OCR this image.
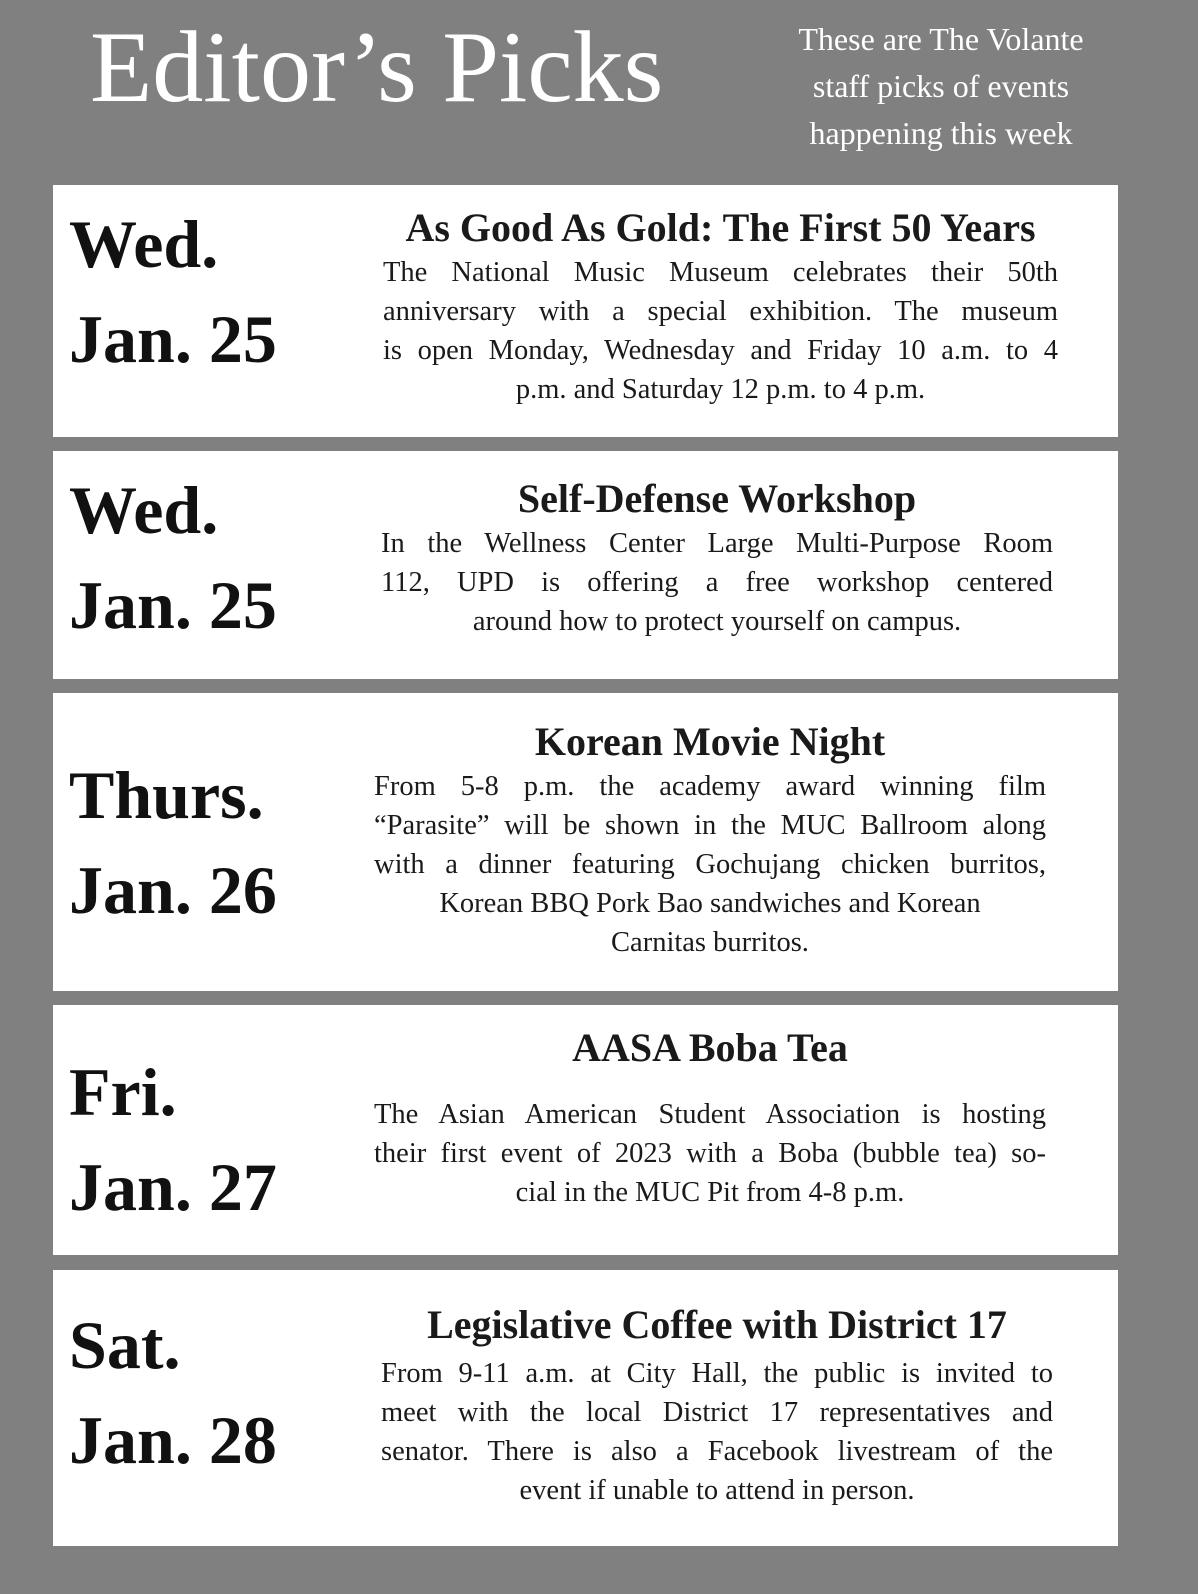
Editor’s Picks	These are The Volante
staff picks of events
happening this week
Wed.
Jan. 25

As Good As Gold: The First 50 Years

The National Music Museum celebrates their 50th
anniversary with a special exhibition. The museum
is open Monday, Wednesday and Friday 10 a.m. to 4
p.m. and Saturday 12 p.m. to 4 p.m.

Wed.
Jan. 25

Self-Defense Workshop

In the Wellness Center Large Multi-Purpose Room
112, UPD is offering a free workshop centered
around how to protect yourself on campus.

Thurs.
Jan. 26

Korean Movie Night

From 5-8 p.m. the academy award winning film
“Parasite” will be shown in the MUC Ballroom along
with a dinner featuring Gochujang chicken burritos,
Korean BBQ Pork Bao sandwiches and Korean
Carnitas burritos.

Fri.
Jan. 27

AASA Boba Tea

The Asian American Student Association is hosting
their first event of 2023 with a Boba (bubble tea) so-
cial in the MUC Pit from 4-8 p.m.

Sat.
Jan. 28

Legislative Coffee with District 17

From 9-11 a.m. at City Hall, the public is invited to
meet with the local District 17 representatives and
senator. There is also a Facebook livestream of the
event if unable to attend in person.
